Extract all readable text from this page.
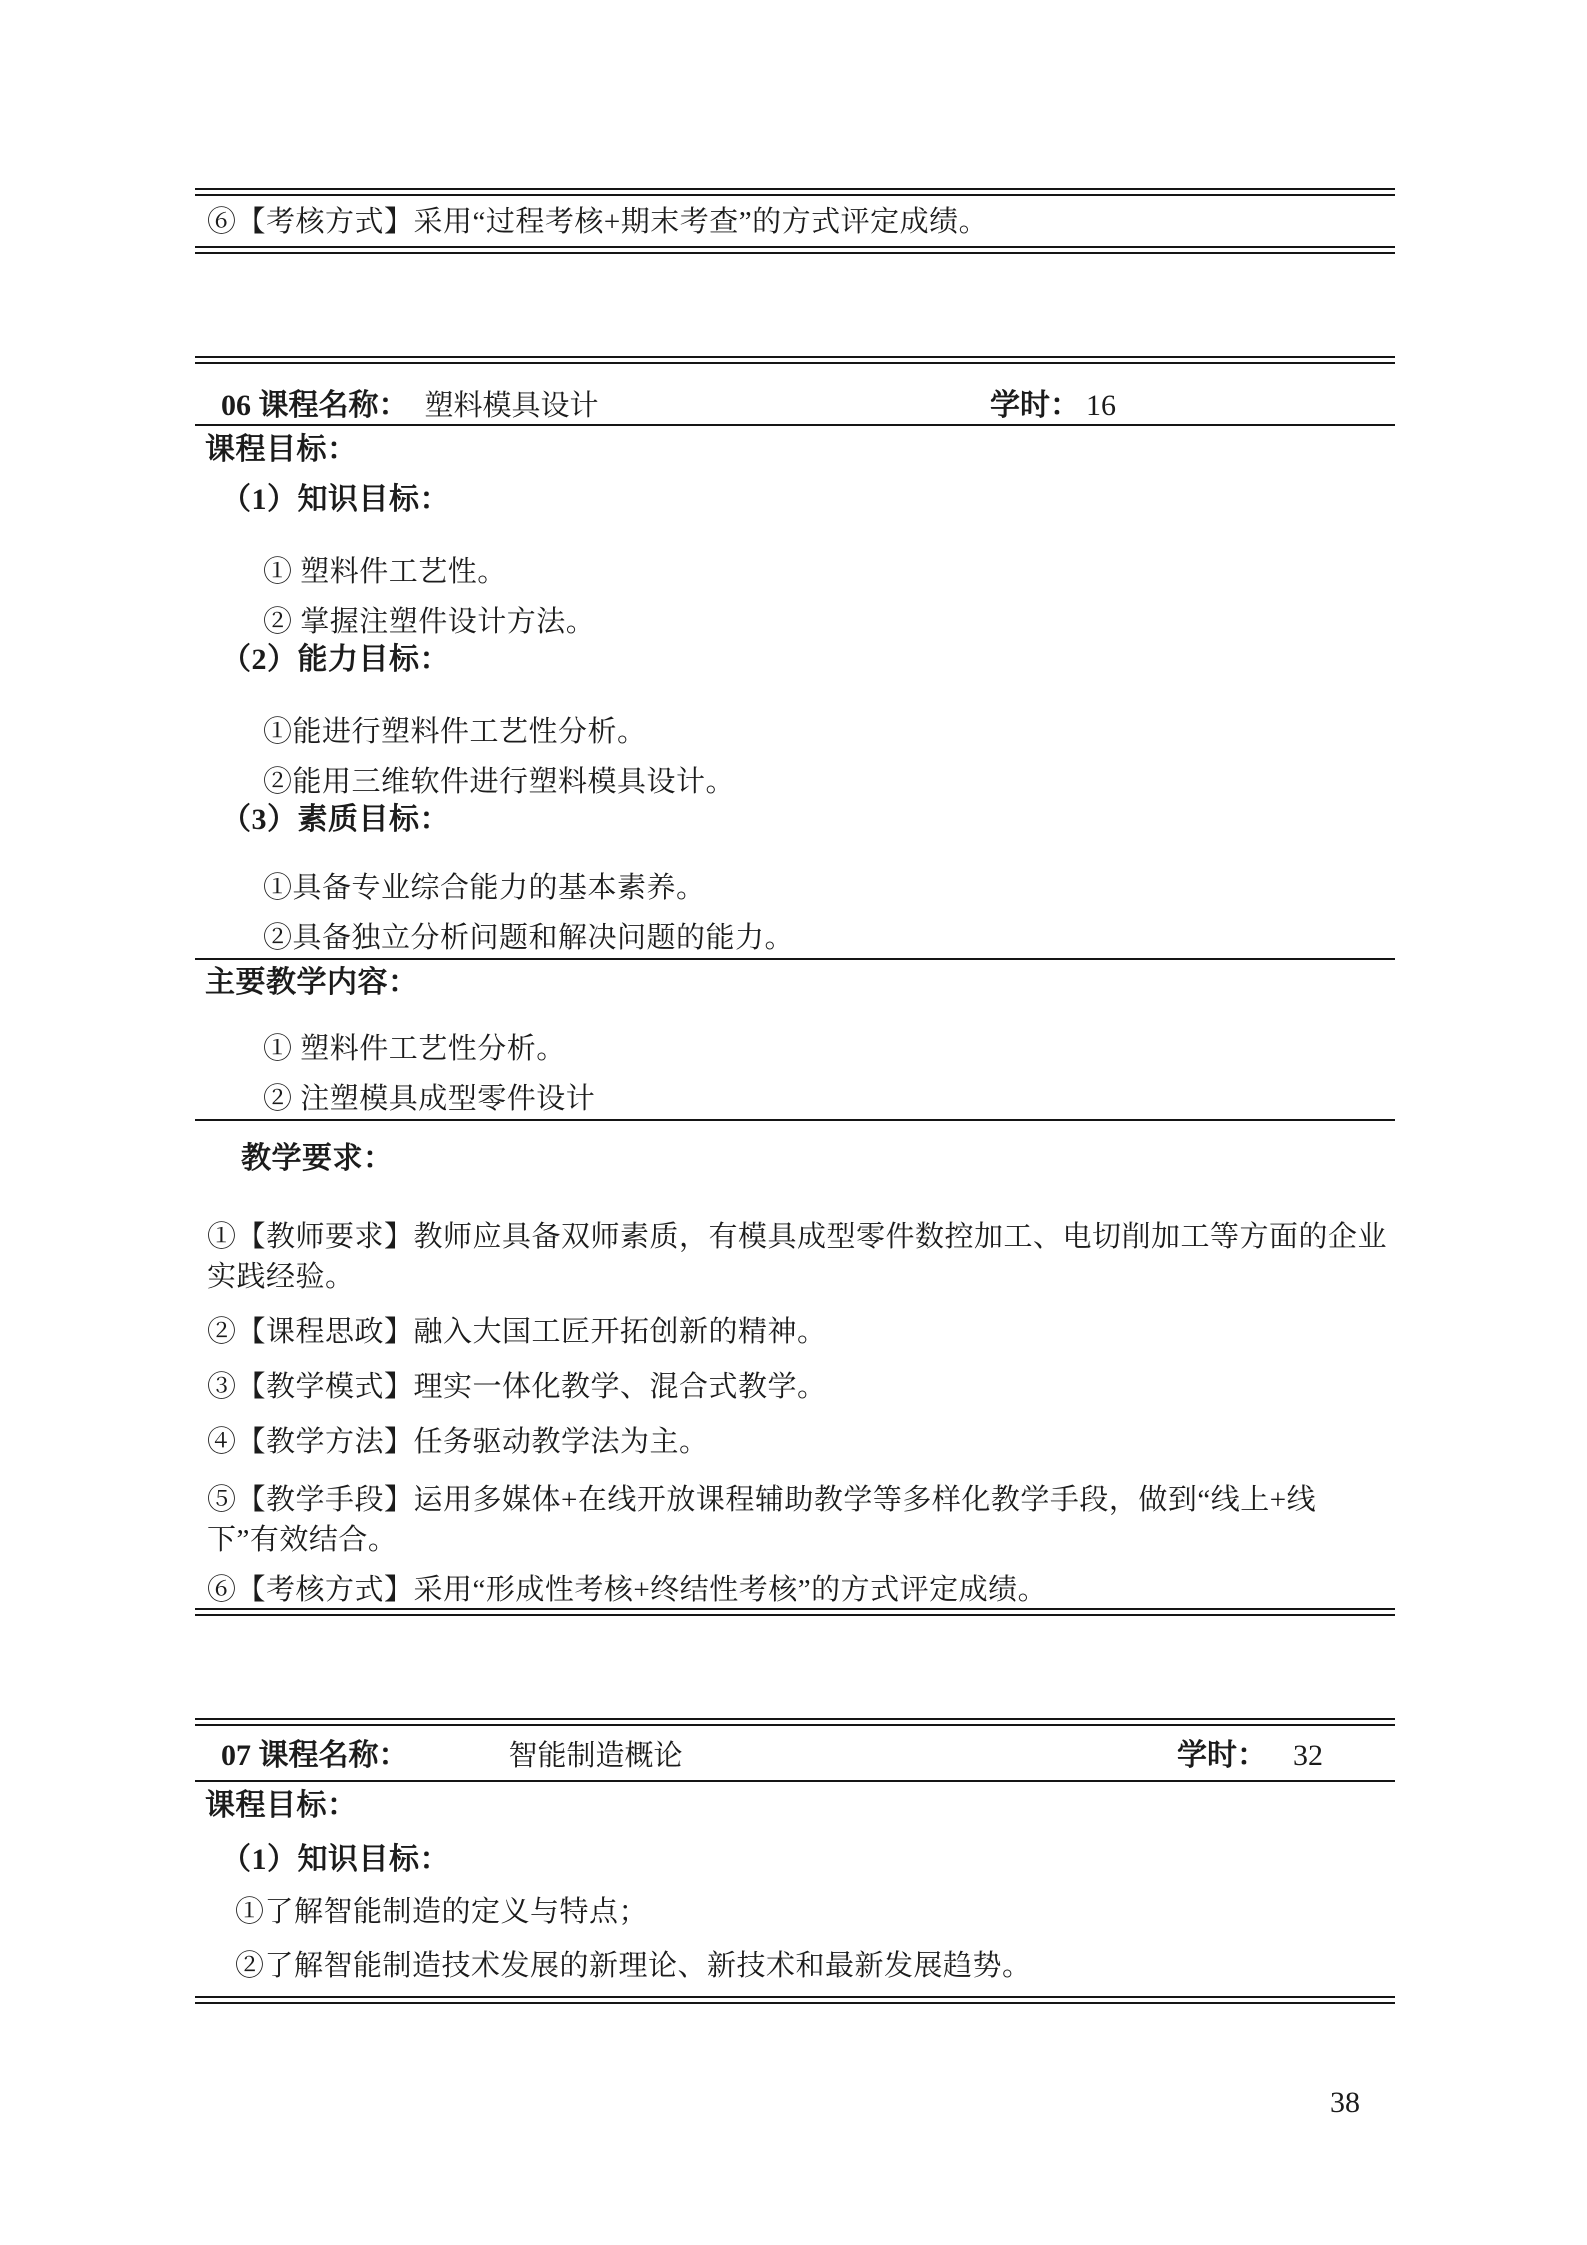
⑥【考核方式】采用“过程考核+期末考查”的方式评定成绩。

06 课程名称： 塑料模具设计	学时： 16

课程目标：

（1）知识目标：

① 塑料件工艺性。

② 掌握注塑件设计方法。

（2）能力目标：

①能进行塑料件工艺性分析。

②能用三维软件进行塑料模具设计。

（3）素质目标：

①具备专业综合能力的基本素养。

②具备独立分析问题和解决问题的能力。

主要教学内容：

① 塑料件工艺性分析。

② 注塑模具成型零件设计

教学要求：

①【教师要求】教师应具备双师素质，有模具成型零件数控加工、电切削加工等方面的企业实践经验。

②【课程思政】融入大国工匠开拓创新的精神。

③【教学模式】理实一体化教学、混合式教学。

④【教学方法】任务驱动教学法为主。

⑤【教学手段】运用多媒体+在线开放课程辅助教学等多样化教学手段，做到“线上+线下”有效结合。

⑥【考核方式】采用“形成性考核+终结性考核”的方式评定成绩。

07 课程名称：	智能制造概论	学时： 32

课程目标：

（1）知识目标：

①了解智能制造的定义与特点；

②了解智能制造技术发展的新理论、新技术和最新发展趋势。

38
